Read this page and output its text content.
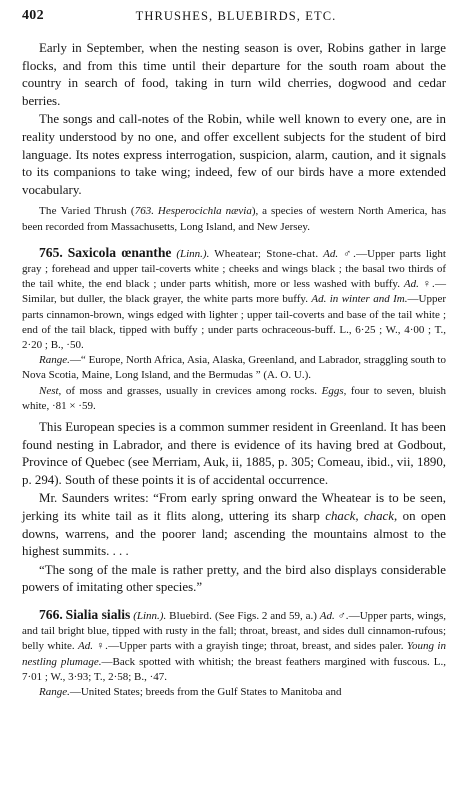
402	THRUSHES, BLUEBIRDS, ETC.

Early in September, when the nesting season is over, Robins gather in large flocks, and from this time until their departure for the south roam about the country in search of food, taking in turn wild cherries, dogwood and cedar berries.

The songs and call-notes of the Robin, while well known to every one, are in reality understood by no one, and offer excellent subjects for the student of bird language. Its notes express interrogation, suspicion, alarm, caution, and it signals to its companions to take wing; indeed, few of our birds have a more extended vocabulary.

The Varied Thrush (763. Hesperocichla nævia), a species of western North America, has been recorded from Massachusetts, Long Island, and New Jersey.

765. Saxicola œnanthe (Linn.). Wheatear; Stone-chat. Ad. ♂.—Upper parts light gray ; forehead and upper tail-coverts white ; cheeks and wings black ; the basal two thirds of the tail white, the end black ; under parts whitish, more or less washed with buffy. Ad. ♀.—Similar, but duller, the black grayer, the white parts more buffy. Ad. in winter and Im.—Upper parts cinnamon-brown, wings edged with lighter ; upper tail-coverts and base of the tail white ; end of the tail black, tipped with buffy ; under parts ochraceous-buff. L., 6·25 ; W., 4·00 ; T., 2·20 ; B., ·50.

Range.—“ Europe, North Africa, Asia, Alaska, Greenland, and Labrador, straggling south to Nova Scotia, Maine, Long Island, and the Bermudas ” (A. O. U.).

Nest, of moss and grasses, usually in crevices among rocks. Eggs, four to seven, bluish white, ·81 × ·59.

This European species is a common summer resident in Greenland. It has been found nesting in Labrador, and there is evidence of its having bred at Godbout, Province of Quebec (see Merriam, Auk, ii, 1885, p. 305; Comeau, ibid., vii, 1890, p. 294). South of these points it is of accidental occurrence.

Mr. Saunders writes: “From early spring onward the Wheatear is to be seen, jerking its white tail as it flits along, uttering its sharp chack, chack, on open downs, warrens, and the poorer land; ascending the mountains almost to the highest summits. . . .

“The song of the male is rather pretty, and the bird also displays considerable powers of imitating other species.”

766. Sialia sialis (Linn.). Bluebird. (See Figs. 2 and 59, a.) Ad. ♂.—Upper parts, wings, and tail bright blue, tipped with rusty in the fall; throat, breast, and sides dull cinnamon-rufous; belly white. Ad. ♀.—Upper parts with a grayish tinge; throat, breast, and sides paler. Young in nestling plumage.—Back spotted with whitish; the breast feathers margined with fuscous. L., 7·01 ; W., 3·93; T., 2·58; B., ·47.

Range.—United States; breeds from the Gulf States to Manitoba and
